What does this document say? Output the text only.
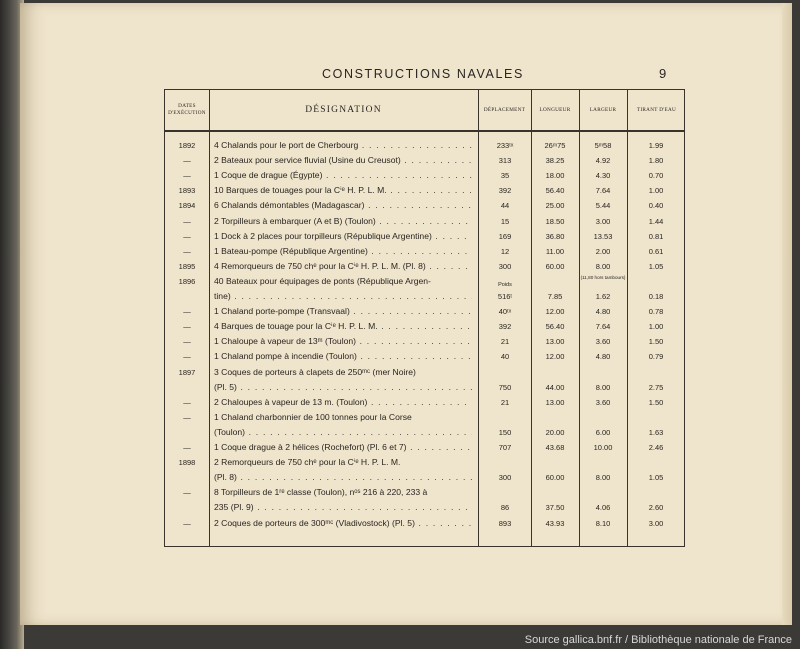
CONSTRUCTIONS NAVALES	9
DATES
D'EXÉCUTION	DÉSIGNATION	DÉPLACEMENT	LONGUEUR	LARGEUR	TIRANT D'EAU
1892	4 Chalands pour le port de Cherbourg . . .	233ᵗˣ	26ᵐ75	5ᵐ58	1.99
—	2 Bateaux pour service fluvial (Usine du Creusot) . . .	313	38.25	4.92	1.80
—	1 Coque de drague (Égypte) . . .	35	18.00	4.30	0.70
1893	10 Barques de touages pour la Cⁱᵉ H. P. L. M. . . .	392	56.40	7.64	1.00
1894	6 Chalands démontables (Madagascar) . . .	44	25.00	5.44	0.40
—	2 Torpilleurs à embarquer (A et B) (Toulon) . . .	15	18.50	3.00	1.44
—	1 Dock à 2 places pour torpilleurs (République Argentine) . . .	169	36.80	13.53	0.81
—	1 Bateau-pompe (République Argentine) . . .	12	11.00	2.00	0.61
1895	4 Remorqueurs de 750 chᵉ pour la Cⁱᵉ H. P. L. M. (Pl. 8) . . .	300	60.00	8.00	1.05
(11,80 hors tambours)
1896	40 Bateaux pour équipages de ponts (République Argen-
tine) . . .	516ᵗ	7.85	1.62	0.18
Poids
—	1 Chaland porte-pompe (Transvaal) . . .	40ᵗˣ	12.00	4.80	0.78
—	4 Barques de touage pour la Cⁱᵉ H. P. L. M. . . .	392	56.40	7.64	1.00
—	1 Chaloupe à vapeur de 13ᵐ (Toulon) . . .	21	13.00	3.60	1.50
—	1 Chaland pompe à incendie (Toulon) . . .	40	12.00	4.80	0.79
1897	3 Coques de porteurs à clapets de 250ᵐᶜ (mer Noire)
(Pl. 5) . . .	750	44.00	8.00	2.75
—	2 Chaloupes à vapeur de 13 m. (Toulon) . . .	21	13.00	3.60	1.50
—	1 Chaland charbonnier de 100 tonnes pour la Corse
(Toulon) . . .	150	20.00	6.00	1.63
—	1 Coque drague à 2 hélices (Rochefort) (Pl. 6 et 7) . . .	707	43.68	10.00	2.46
1898	2 Remorqueurs de 750 chᵉ pour la Cⁱᵉ H. P. L. M.
(Pl. 8) . . .	300	60.00	8.00	1.05
—	8 Torpilleurs de 1ʳᵉ classe (Toulon), nᵒˢ 216 à 220, 233 à
235 (Pl. 9) . . .	86	37.50	4.06	2.60
—	2 Coques de porteurs de 300ᵐᶜ (Vladivostock) (Pl. 5) . . .	893	43.93	8.10	3.00
Source gallica.bnf.fr / Bibliothèque nationale de France
